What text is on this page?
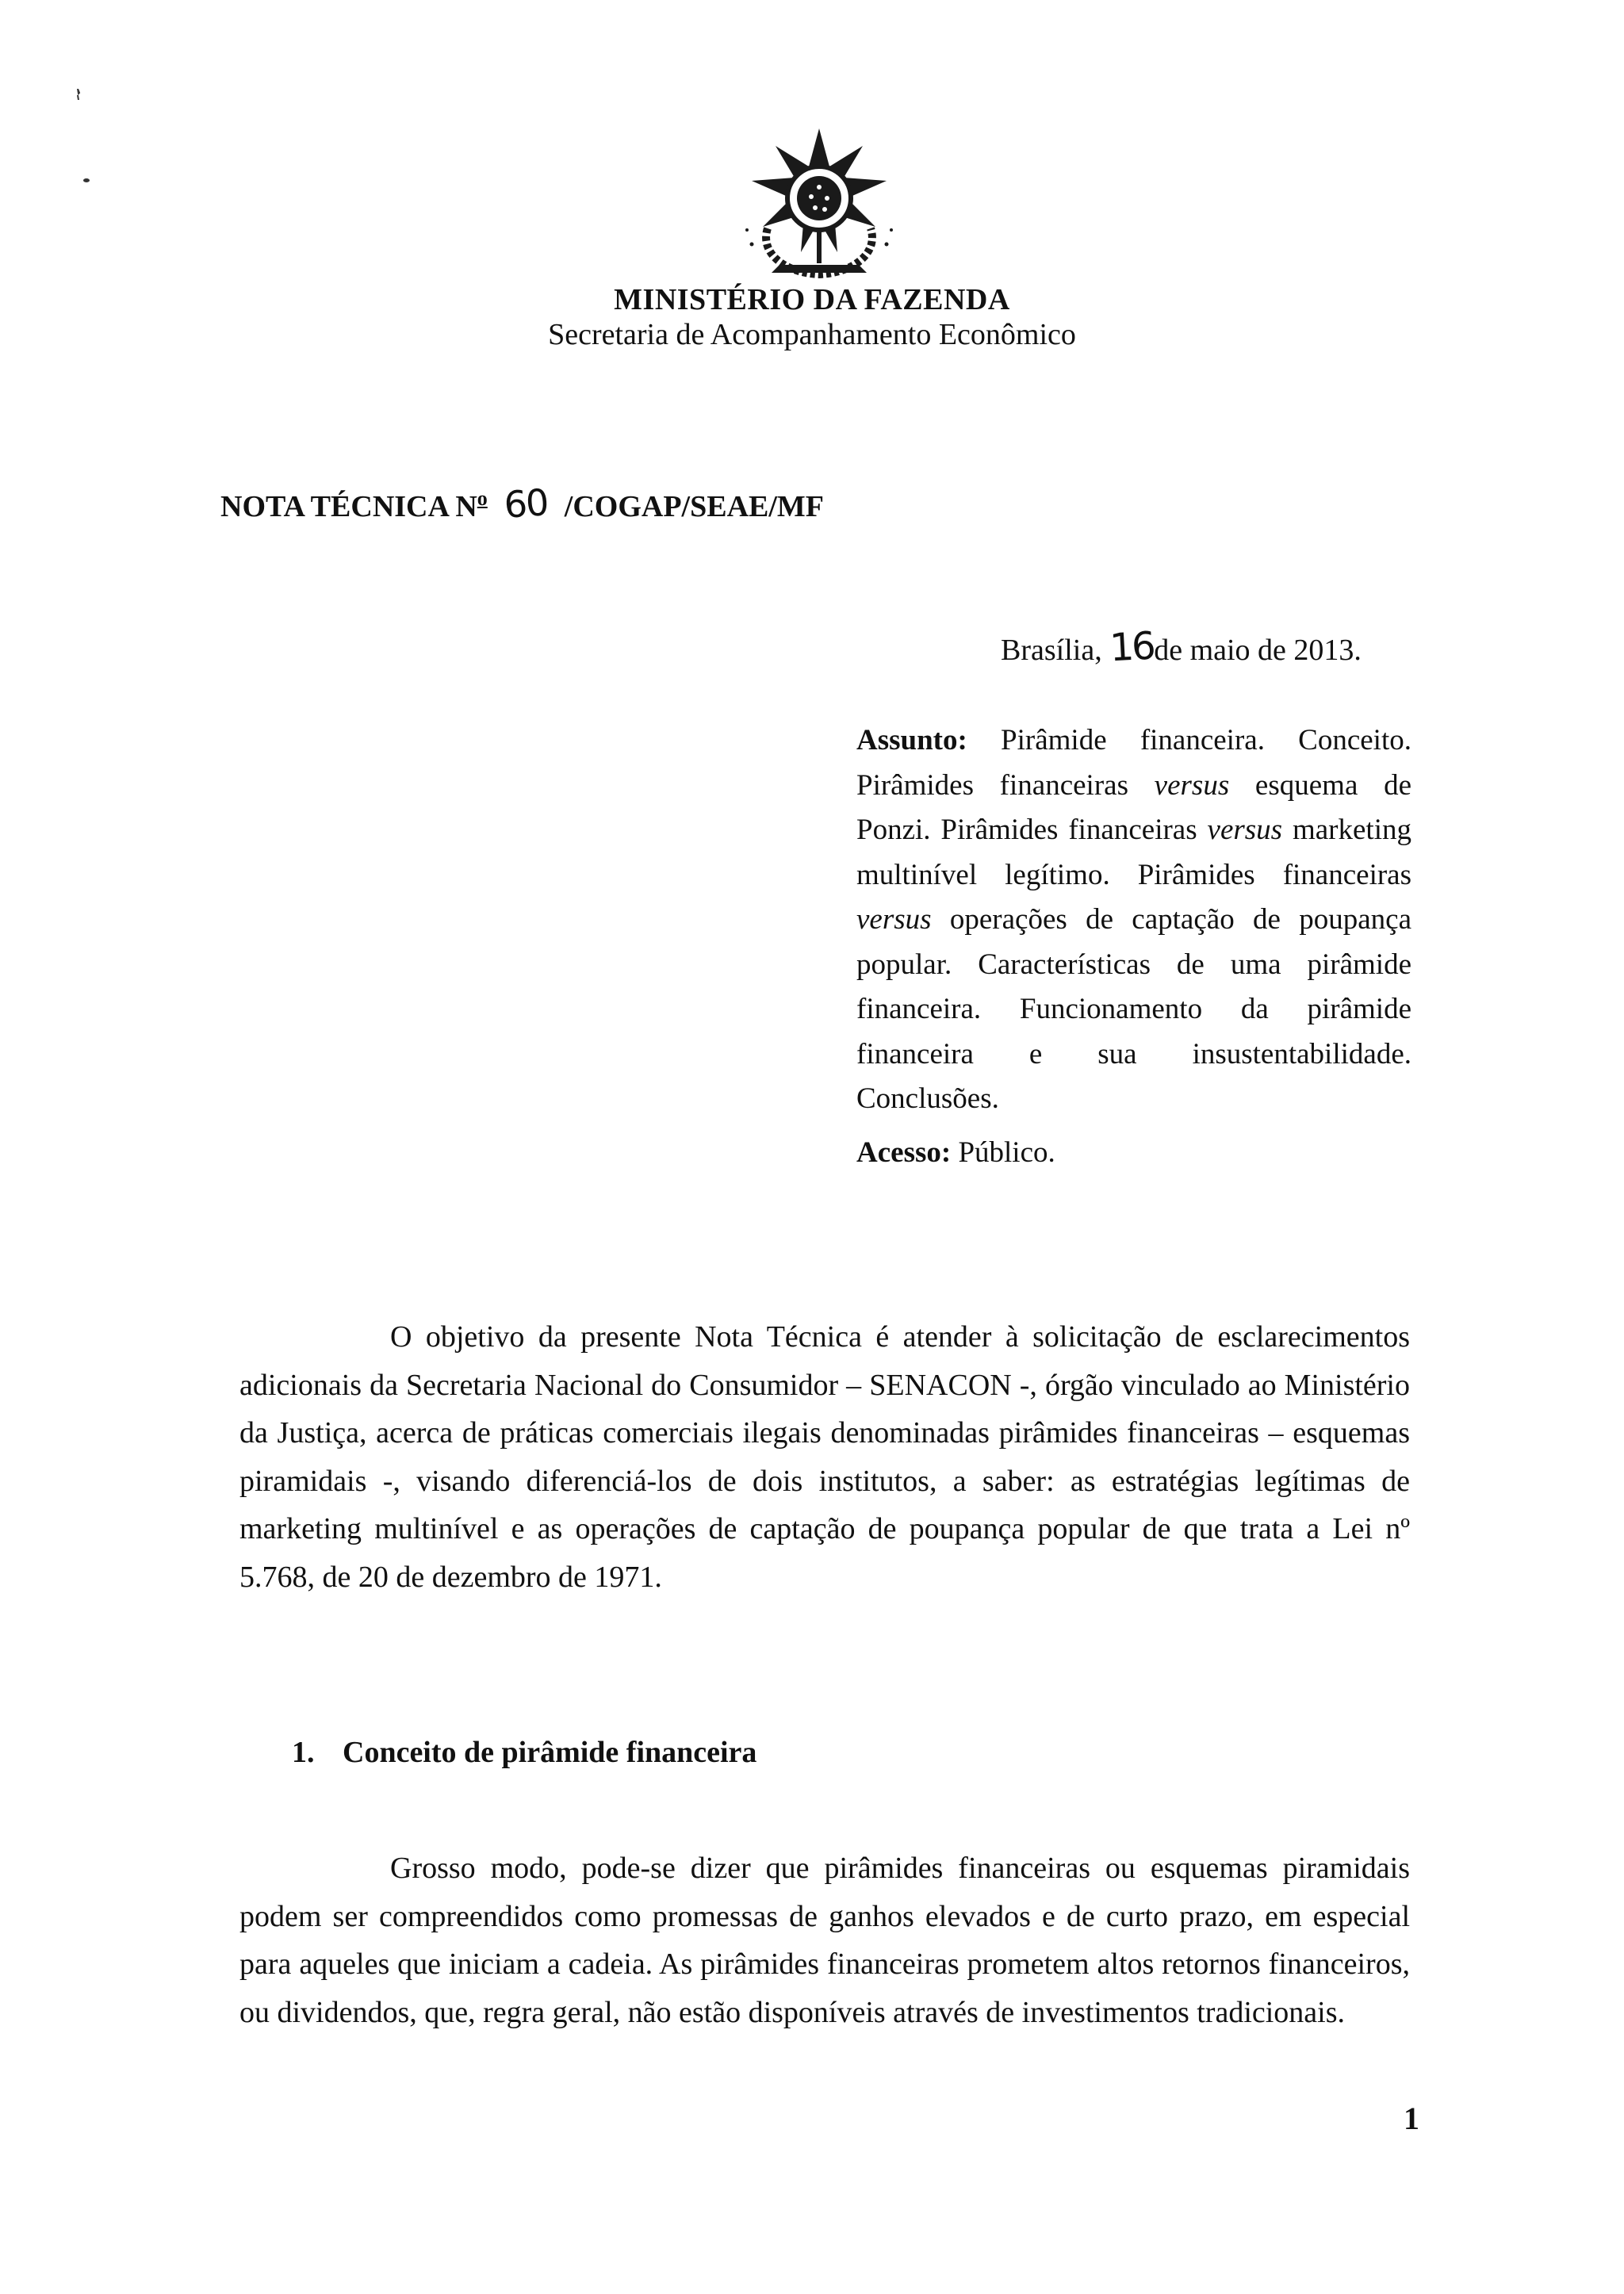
MINISTÉRIO DA FAZENDA
Secretaria de Acompanhamento Econômico
NOTA TÉCNICA $N^o$ 60 /COGAP/SEAE/MF
Brasília, 16de maio de 2013.
Assunto: Pirâmide financeira. Conceito. Pirâmides financeiras versus esquema de Ponzi. Pirâmides financeiras versus marketing multinível legítimo. Pirâmides financeiras versus operações de captação de poupança popular. Características de uma pirâmide financeira. Funcionamento da pirâmide financeira e sua insustentabilidade. Conclusões.
Acesso: Público.
O objetivo da presente Nota Técnica é atender à solicitação de esclarecimentos adicionais da Secretaria Nacional do Consumidor – SENACON -, órgão vinculado ao Ministério da Justiça, acerca de práticas comerciais ilegais denominadas pirâmides financeiras – esquemas piramidais -, visando diferenciá-los de dois institutos, a saber: as estratégias legítimas de marketing multinível e as operações de captação de poupança popular de que trata a Lei nº 5.768, de 20 de dezembro de 1971.
1. Conceito de pirâmide financeira
Grosso modo, pode-se dizer que pirâmides financeiras ou esquemas piramidais podem ser compreendidos como promessas de ganhos elevados e de curto prazo, em especial para aqueles que iniciam a cadeia. As pirâmides financeiras prometem altos retornos financeiros, ou dividendos, que, regra geral, não estão disponíveis através de investimentos tradicionais.
1
